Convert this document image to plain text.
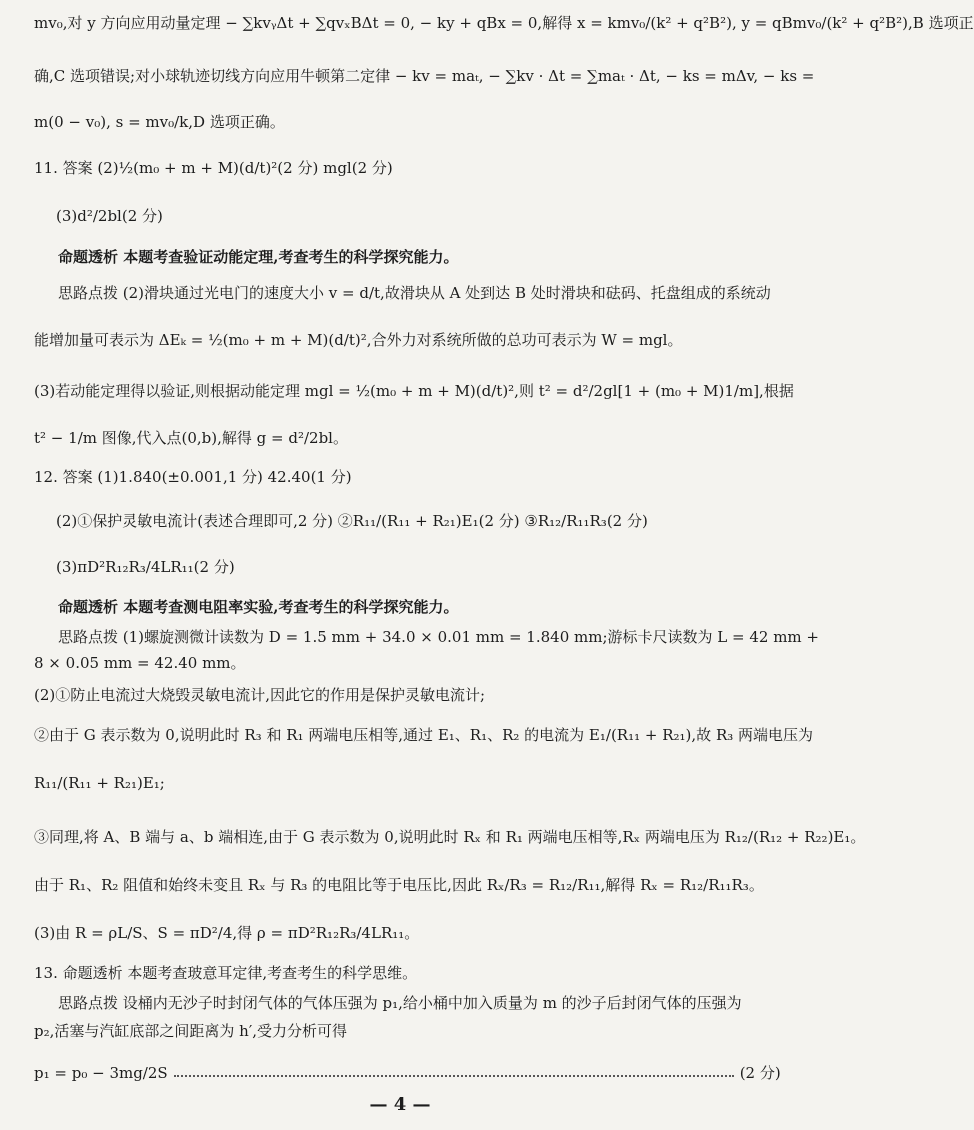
mv₀,对 y 方向应用动量定理 − ∑kvᵧΔt + ∑qvₓBΔt = 0, − ky + qBx = 0,解得 x = kmv₀/(k² + q²B²), y = qBmv₀/(k² + q²B²),B 选项正
确,C 选项错误;对小球轨迹切线方向应用牛顿第二定律 − kv = maₜ, − ∑kv · Δt = ∑maₜ · Δt, − ks = mΔv, − ks =
m(0 − v₀), s = mv₀/k,D 选项正确。
11. 答案 (2)½(m₀ + m + M)(d/t)²(2 分) mgl(2 分)
(3)d²/2bl(2 分)
命题透析 本题考查验证动能定理,考查考生的科学探究能力。
思路点拨 (2)滑块通过光电门的速度大小 v = d/t,故滑块从 A 处到达 B 处时滑块和砝码、托盘组成的系统动
能增加量可表示为 ΔEₖ = ½(m₀ + m + M)(d/t)²,合外力对系统所做的总功可表示为 W = mgl。
(3)若动能定理得以验证,则根据动能定理 mgl = ½(m₀ + m + M)(d/t)²,则 t² = d²/2gl[1 + (m₀ + M)1/m],根据
t² − 1/m 图像,代入点(0,b),解得 g = d²/2bl。
12. 答案 (1)1.840(±0.001,1 分) 42.40(1 分)
(2)①保护灵敏电流计(表述合理即可,2 分) ②R₁₁/(R₁₁ + R₂₁)E₁(2 分) ③R₁₂/R₁₁R₃(2 分)
(3)πD²R₁₂R₃/4LR₁₁(2 分)
命题透析 本题考查测电阻率实验,考查考生的科学探究能力。
思路点拨 (1)螺旋测微计读数为 D = 1.5 mm + 34.0 × 0.01 mm = 1.840 mm;游标卡尺读数为 L = 42 mm +
8 × 0.05 mm = 42.40 mm。
(2)①防止电流过大烧毁灵敏电流计,因此它的作用是保护灵敏电流计;
②由于 G 表示数为 0,说明此时 R₃ 和 R₁ 两端电压相等,通过 E₁、R₁、R₂ 的电流为 E₁/(R₁₁ + R₂₁),故 R₃ 两端电压为
R₁₁/(R₁₁ + R₂₁)E₁;
③同理,将 A、B 端与 a、b 端相连,由于 G 表示数为 0,说明此时 Rₓ 和 R₁ 两端电压相等,Rₓ 两端电压为 R₁₂/(R₁₂ + R₂₂)E₁。
由于 R₁、R₂ 阻值和始终未变且 Rₓ 与 R₃ 的电阻比等于电压比,因此 Rₓ/R₃ = R₁₂/R₁₁,解得 Rₓ = R₁₂/R₁₁R₃。
(3)由 R = ρL/S、S = πD²/4,得 ρ = πD²R₁₂R₃/4LR₁₁。
13. 命题透析 本题考查玻意耳定律,考查考生的科学思维。
思路点拨 设桶内无沙子时封闭气体的气体压强为 p₁,给小桶中加入质量为 m 的沙子后封闭气体的压强为
p₂,活塞与汽缸底部之间距离为 h′,受力分析可得
p₁ = p₀ − 3mg/2S	(2 分)
— 4 —
